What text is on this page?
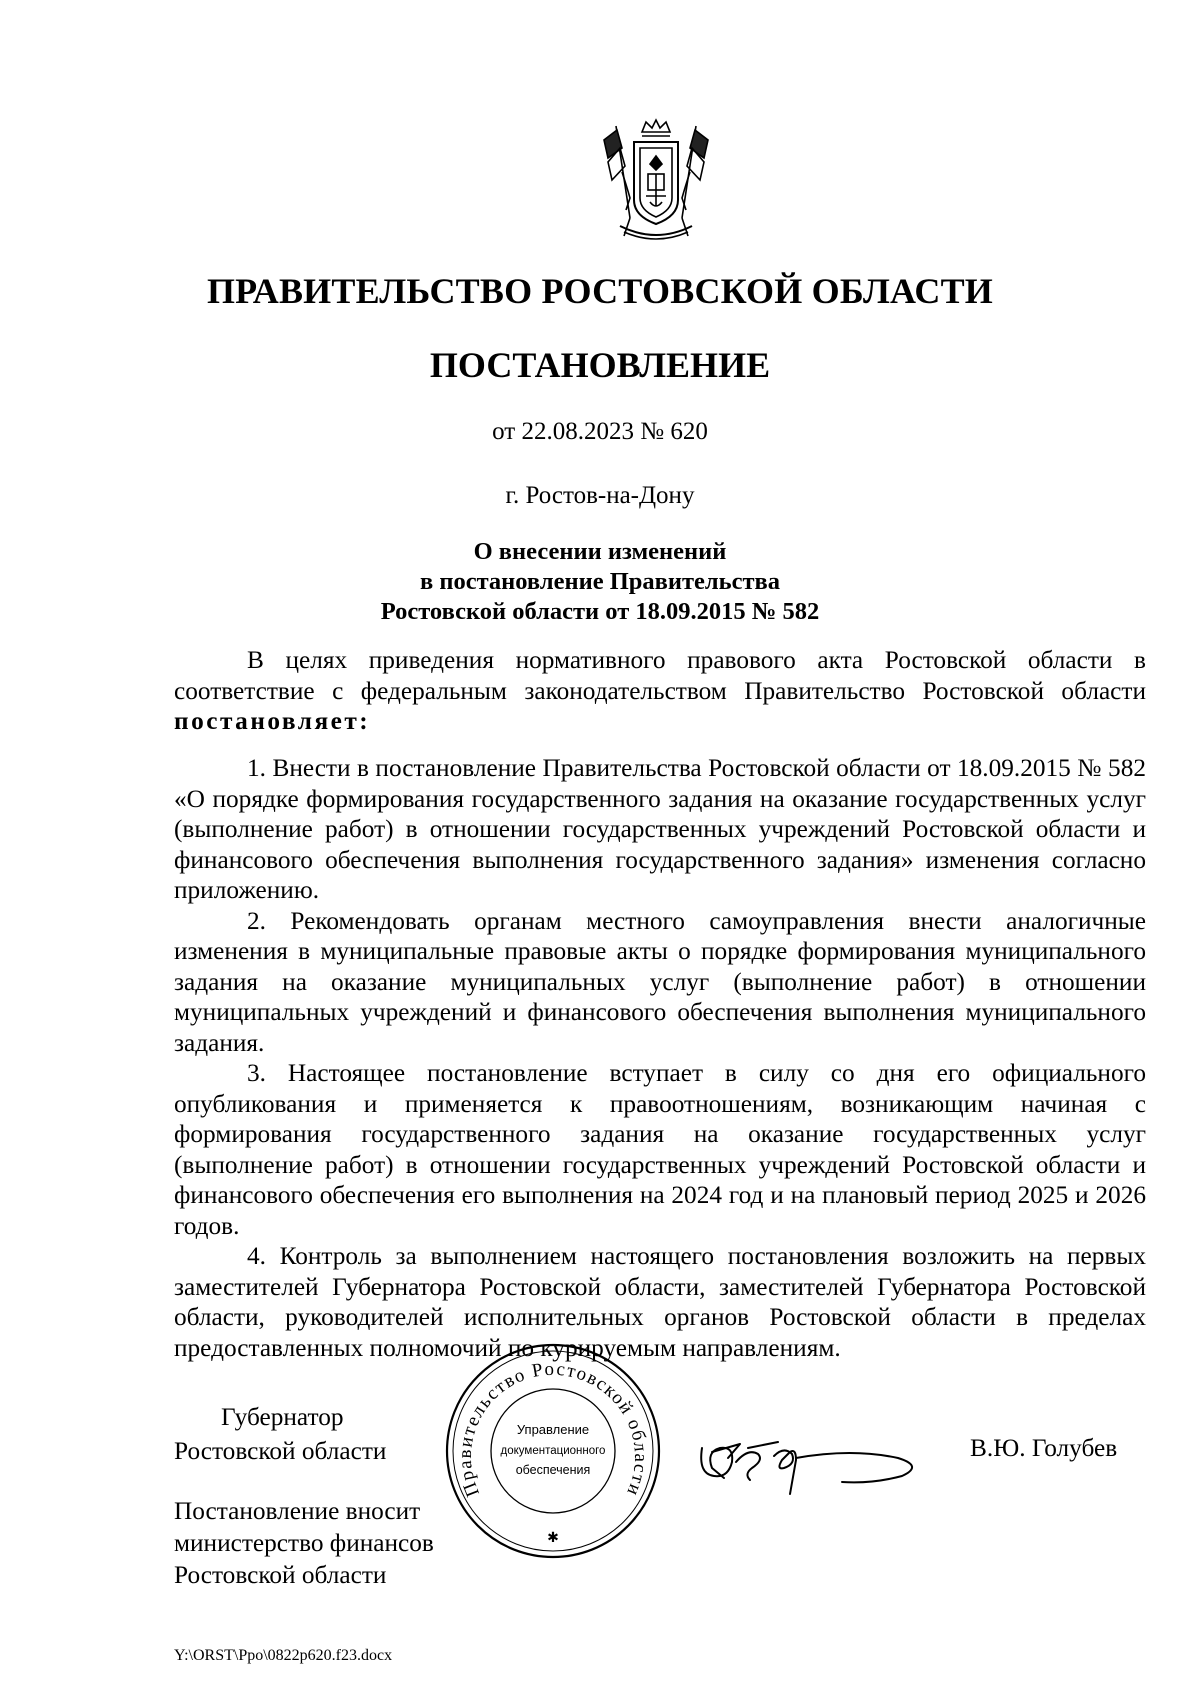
ПРАВИТЕЛЬСТВО РОСТОВСКОЙ ОБЛАСТИ
ПОСТАНОВЛЕНИЕ
от 22.08.2023 № 620
г. Ростов-на-Дону
О внесении изменений
в постановление Правительства
Ростовской области от 18.09.2015 № 582

В целях приведения нормативного правового акта Ростовской области в соответствие с федеральным законодательством Правительство Ростовской области постановляет:

1. Внести в постановление Правительства Ростовской области от 18.09.2015 № 582 «О порядке формирования государственного задания на оказание государственных услуг (выполнение работ) в отношении государственных учреждений Ростовской области и финансового обеспечения выполнения государственного задания» изменения согласно приложению.

2. Рекомендовать органам местного самоуправления внести аналогичные изменения в муниципальные правовые акты о порядке формирования муниципального задания на оказание муниципальных услуг (выполнение работ) в отношении муниципальных учреждений и финансового обеспечения выполнения муниципального задания.

3. Настоящее постановление вступает в силу со дня его официального опубликования и применяется к правоотношениям, возникающим начиная с формирования государственного задания на оказание государственных услуг (выполнение работ) в отношении государственных учреждений Ростовской области и финансового обеспечения его выполнения на 2024 год и на плановый период 2025 и 2026 годов.

4. Контроль за выполнением настоящего постановления возложить на первых заместителей Губернатора Ростовской области, заместителей Губернатора Ростовской области, руководителей исполнительных органов Ростовской области в пределах предоставленных полномочий по курируемым направлениям.

Губернатор
Ростовской области
Правительство Ростовской области
Управление
документационного
обеспечения
✱
В.Ю. Голубев
Постановление вносит
министерство финансов
Ростовской области
Y:\ORST\Ppo\0822p620.f23.docx
